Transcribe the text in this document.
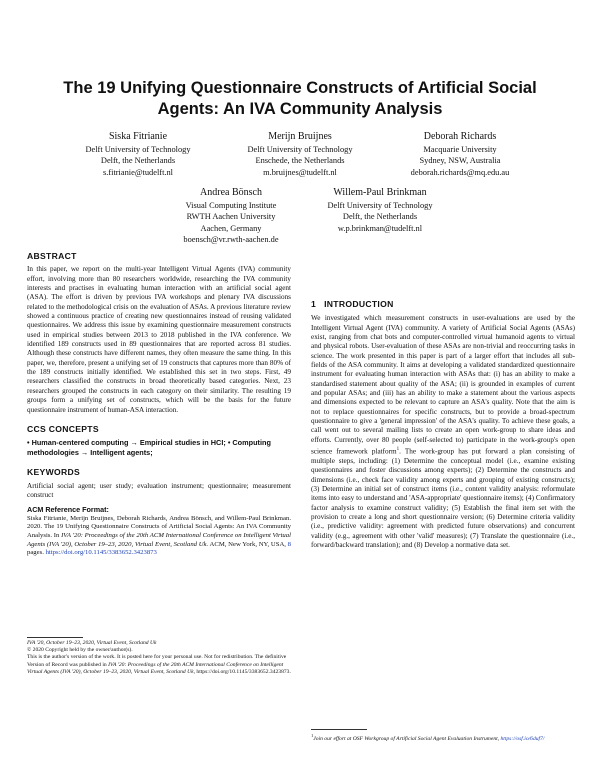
The 19 Unifying Questionnaire Constructs of Artificial Social
Agents: An IVA Community Analysis
Siska Fitrianie
Delft University of Technology
Delft, the Netherlands
s.fitrianie@tudelft.nl
Merijn Bruijnes
Delft University of Technology
Enschede, the Netherlands
m.bruijnes@tudelft.nl
Deborah Richards
Macquarie University
Sydney, NSW, Australia
deborah.richards@mq.edu.au
Andrea Bönsch
Visual Computing Institute
RWTH Aachen University
Aachen, Germany
boensch@vr.rwth-aachen.de
Willem-Paul Brinkman
Delft University of Technology
Delft, the Netherlands
w.p.brinkman@tudelft.nl
ABSTRACT

In this paper, we report on the multi-year Intelligent Virtual Agents (IVA) community effort, involving more than 80 researchers worldwide, researching the IVA community interests and practises in evaluating human interaction with an artificial social agent (ASA). The effort is driven by previous IVA workshops and plenary IVA discussions related to the methodological crisis on the evaluation of ASAs. A previous literature review showed a continuous practice of creating new questionnaires instead of reusing validated questionnaires. We address this issue by examining questionnaire measurement constructs used in empirical studies between 2013 to 2018 published in the IVA conference. We identified 189 constructs used in 89 questionnaires that are reported across 81 studies. Although these constructs have different names, they often measure the same thing. In this paper, we, therefore, present a unifying set of 19 constructs that captures more than 80% of the 189 constructs initially identified. We established this set in two steps. First, 49 researchers classified the constructs in broad theoretically based categories. Next, 23 researchers grouped the constructs in each category on their similarity. The resulting 19 groups form a unifying set of constructs, which will be the basis for the future questionnaire instrument of human-ASA interaction.

CCS CONCEPTS
• Human-centered computing → Empirical studies in HCI; • Computing methodologies → Intelligent agents;
KEYWORDS

Artificial social agent; user study; evaluation instrument; questionnaire; measurement construct

ACM Reference Format:

Siska Fitrianie, Merijn Bruijnes, Deborah Richards, Andrea Bönsch, and Willem-Paul Brinkman. 2020. The 19 Unifying Questionnaire Constructs of Artificial Social Agents: An IVA Community Analysis. In IVA '20: Proceedings of the 20th ACM International Conference on Intelligent Virtual Agents (IVA '20), October 19–23, 2020, Virtual Event, Scotland Uk. ACM, New York, NY, USA, 8 pages. https://doi.org/10.1145/3383652.3423873

IVA '20, October 19–23, 2020, Virtual Event, Scotland Uk
© 2020 Copyright held by the owner/author(s).
This is the author's version of the work. It is posted here for your personal use. Not for redistribution. The definitive Version of Record was published in IVA '20: Proceedings of the 20th ACM International Conference on Intelligent Virtual Agents (IVA '20), October 19–23, 2020, Virtual Event, Scotland Uk, https://doi.org/10.1145/3383652.3423873.
1 INTRODUCTION

We investigated which measurement constructs in user-evaluations are used by the Intelligent Virtual Agent (IVA) community. A variety of Artificial Social Agents (ASAs) exist, ranging from chat bots and computer-controlled virtual humanoid agents to virtual and physical robots. User-evaluation of these ASAs are non-trivial and reoccurring tasks in science. The work presented in this paper is part of a larger effort that includes all sub-fields of the ASA community. It aims at developing a validated standardized questionnaire instrument for evaluating human interaction with ASAs that: (i) has an ability to make a standardised statement about quality of the ASA; (ii) is grounded in examples of current and popular ASAs; and (iii) has an ability to make a statement about the various aspects and dimensions expected to be relevant to capture an ASA's quality. Note that the aim is not to replace questionnaires for specific constructs, but to provide a broad-spectrum questionnaire to give a 'general impression' of the ASA's quality. To achieve these goals, a call went out to several mailing lists to create an open work-group to share ideas and efforts. Currently, over 80 people (self-selected to) participate in the work-group's open science framework platform$^1$. The work-group has put forward a plan consisting of multiple steps, including: (1) Determine the conceptual model (i.e., examine existing questionnaires and foster discussions among experts); (2) Determine the constructs and dimensions (i.e., check face validity among experts and grouping of existing constructs); (3) Determine an initial set of construct items (i.e., content validity analysis: reformulate items into easy to understand and 'ASA-appropriate' questionnaire items); (4) Confirmatory factor analysis to examine construct validity; (5) Establish the final item set with the provision to create a long and short questionnaire version; (6) Determine criteria validity (i.e., predictive validity: agreement with predicted future observations) and concurrent validity (e.g., agreement with other 'valid' measures); (7) Translate the questionnaire (i.e., forward/backward translation); and (8) Develop a normative data set.

$^1$Join our effort at OSF Workgroup of Artificial Social Agent Evaluation Instrument, https://osf.io/6duf7/
